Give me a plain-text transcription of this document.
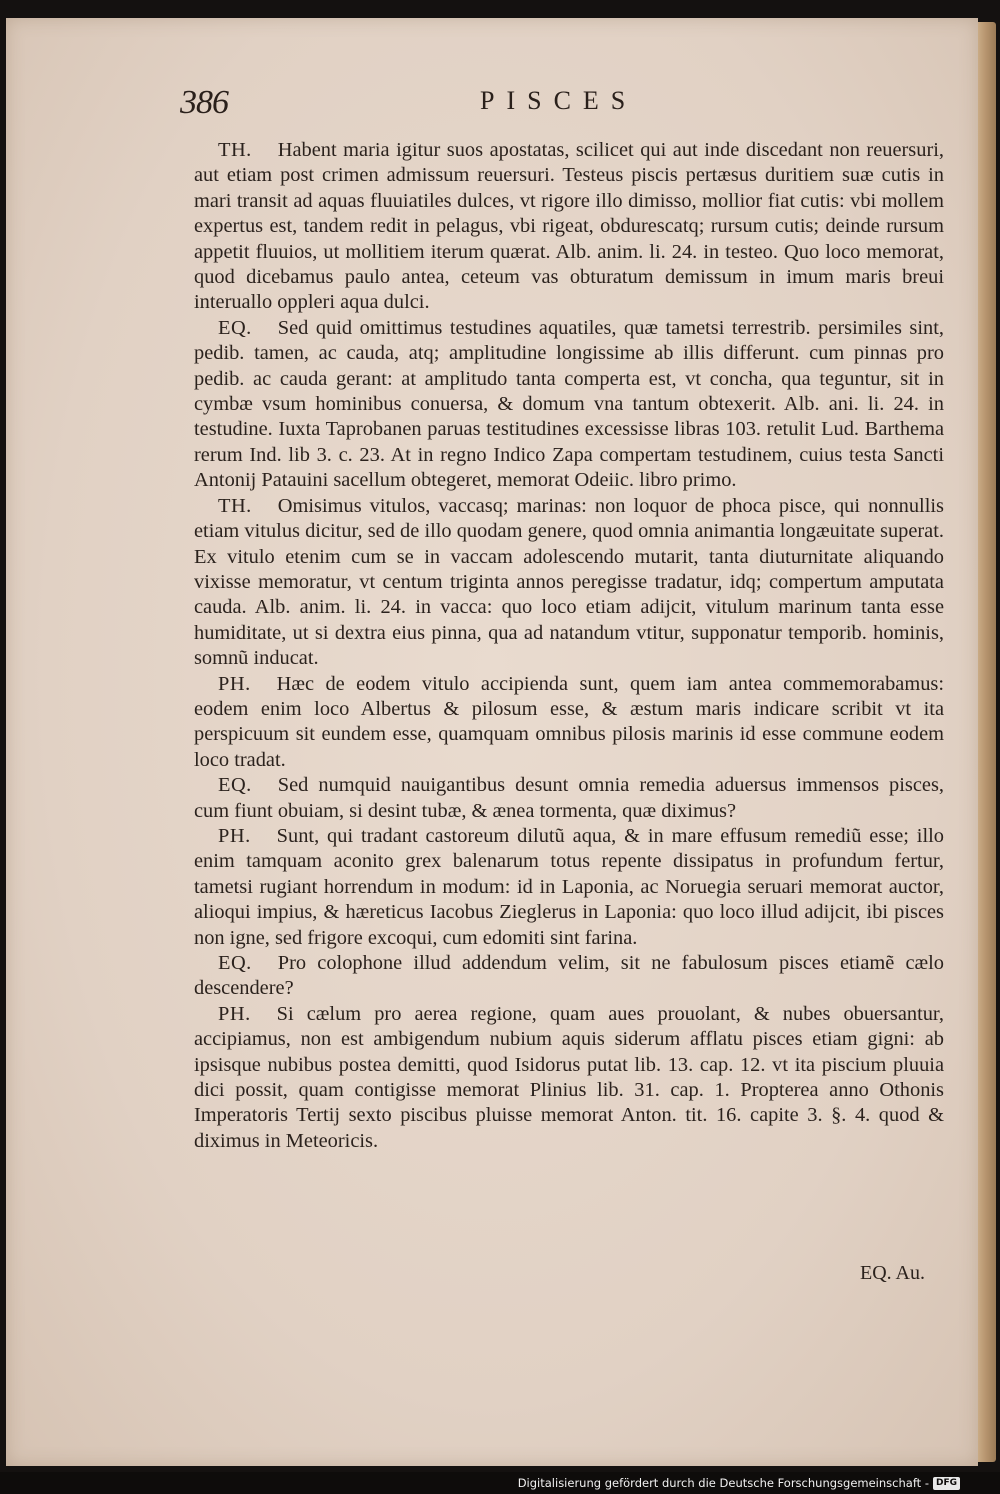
386	PISCES

TH. Habent maria igitur suos apostatas, scilicet qui aut inde discedant non reuersuri, aut etiam post crimen admissum reuersuri. Testeus piscis pertæsus duritiem suæ cutis in mari transit ad aquas fluuiatiles dulces, vt rigore illo dimisso, mollior fiat cutis: vbi mollem expertus est, tandem redit in pelagus, vbi rigeat, obdurescatq; rursum cutis; deinde rursum appetit fluuios, ut mollitiem iterum quærat. Alb. anim. li. 24. in testeo. Quo loco memorat, quod dicebamus paulo antea, ceteum vas obturatum demissum in imum maris breui interuallo oppleri aqua dulci.

EQ. Sed quid omittimus testudines aquatiles, quæ tametsi terrestrib. persimiles sint, pedib. tamen, ac cauda, atq; amplitudine longissime ab illis differunt. cum pinnas pro pedib. ac cauda gerant: at amplitudo tanta comperta est, vt concha, qua teguntur, sit in cymbæ vsum hominibus conuersa, & domum vna tantum obtexerit. Alb. ani. li. 24. in testudine. Iuxta Taprobanen paruas testitudines excessisse libras 103. retulit Lud. Barthema rerum Ind. lib 3. c. 23. At in regno Indico Zapa compertam testudinem, cuius testa Sancti Antonij Patauini sacellum obtegeret, memorat Odeiic. libro primo.

TH. Omisimus vitulos, vaccasq; marinas: non loquor de phoca pisce, qui nonnullis etiam vitulus dicitur, sed de illo quodam genere, quod omnia animantia longæuitate superat. Ex vitulo etenim cum se in vaccam adolescendo mutarit, tanta diuturnitate aliquando vixisse memoratur, vt centum triginta annos peregisse tradatur, idq; compertum amputata cauda. Alb. anim. li. 24. in vacca: quo loco etiam adijcit, vitulum marinum tanta esse humiditate, ut si dextra eius pinna, qua ad natandum vtitur, supponatur temporib. hominis, somnũ inducat.

PH. Hæc de eodem vitulo accipienda sunt, quem iam antea commemorabamus: eodem enim loco Albertus & pilosum esse, & æstum maris indicare scribit vt ita perspicuum sit eundem esse, quamquam omnibus pilosis marinis id esse commune eodem loco tradat.

EQ. Sed numquid nauigantibus desunt omnia remedia aduersus immensos pisces, cum fiunt obuiam, si desint tubæ, & ænea tormenta, quæ diximus?

PH. Sunt, qui tradant castoreum dilutũ aqua, & in mare effusum remediũ esse; illo enim tamquam aconito grex balenarum totus repente dissipatus in profundum fertur, tametsi rugiant horrendum in modum: id in Laponia, ac Noruegia seruari memorat auctor, alioqui impius, & hæreticus Iacobus Zieglerus in Laponia: quo loco illud adijcit, ibi pisces non igne, sed frigore excoqui, cum edomiti sint farina.

EQ. Pro colophone illud addendum velim, sit ne fabulosum pisces etiamẽ cælo descendere?

PH. Si cælum pro aerea regione, quam aues prouolant, & nubes obuersantur, accipiamus, non est ambigendum nubium aquis siderum afflatu pisces etiam gigni: ab ipsisque nubibus postea demitti, quod Isidorus putat lib. 13. cap. 12. vt ita piscium pluuia dici possit, quam contigisse memorat Plinius lib. 31. cap. 1. Propterea anno Othonis Imperatoris Tertij sexto piscibus pluisse memorat Anton. tit. 16. capite 3. §. 4. quod & diximus in Meteoricis.

EQ. Au.
Digitalisierung gefördert durch die Deutsche Forschungsgemeinschaft - DFG
